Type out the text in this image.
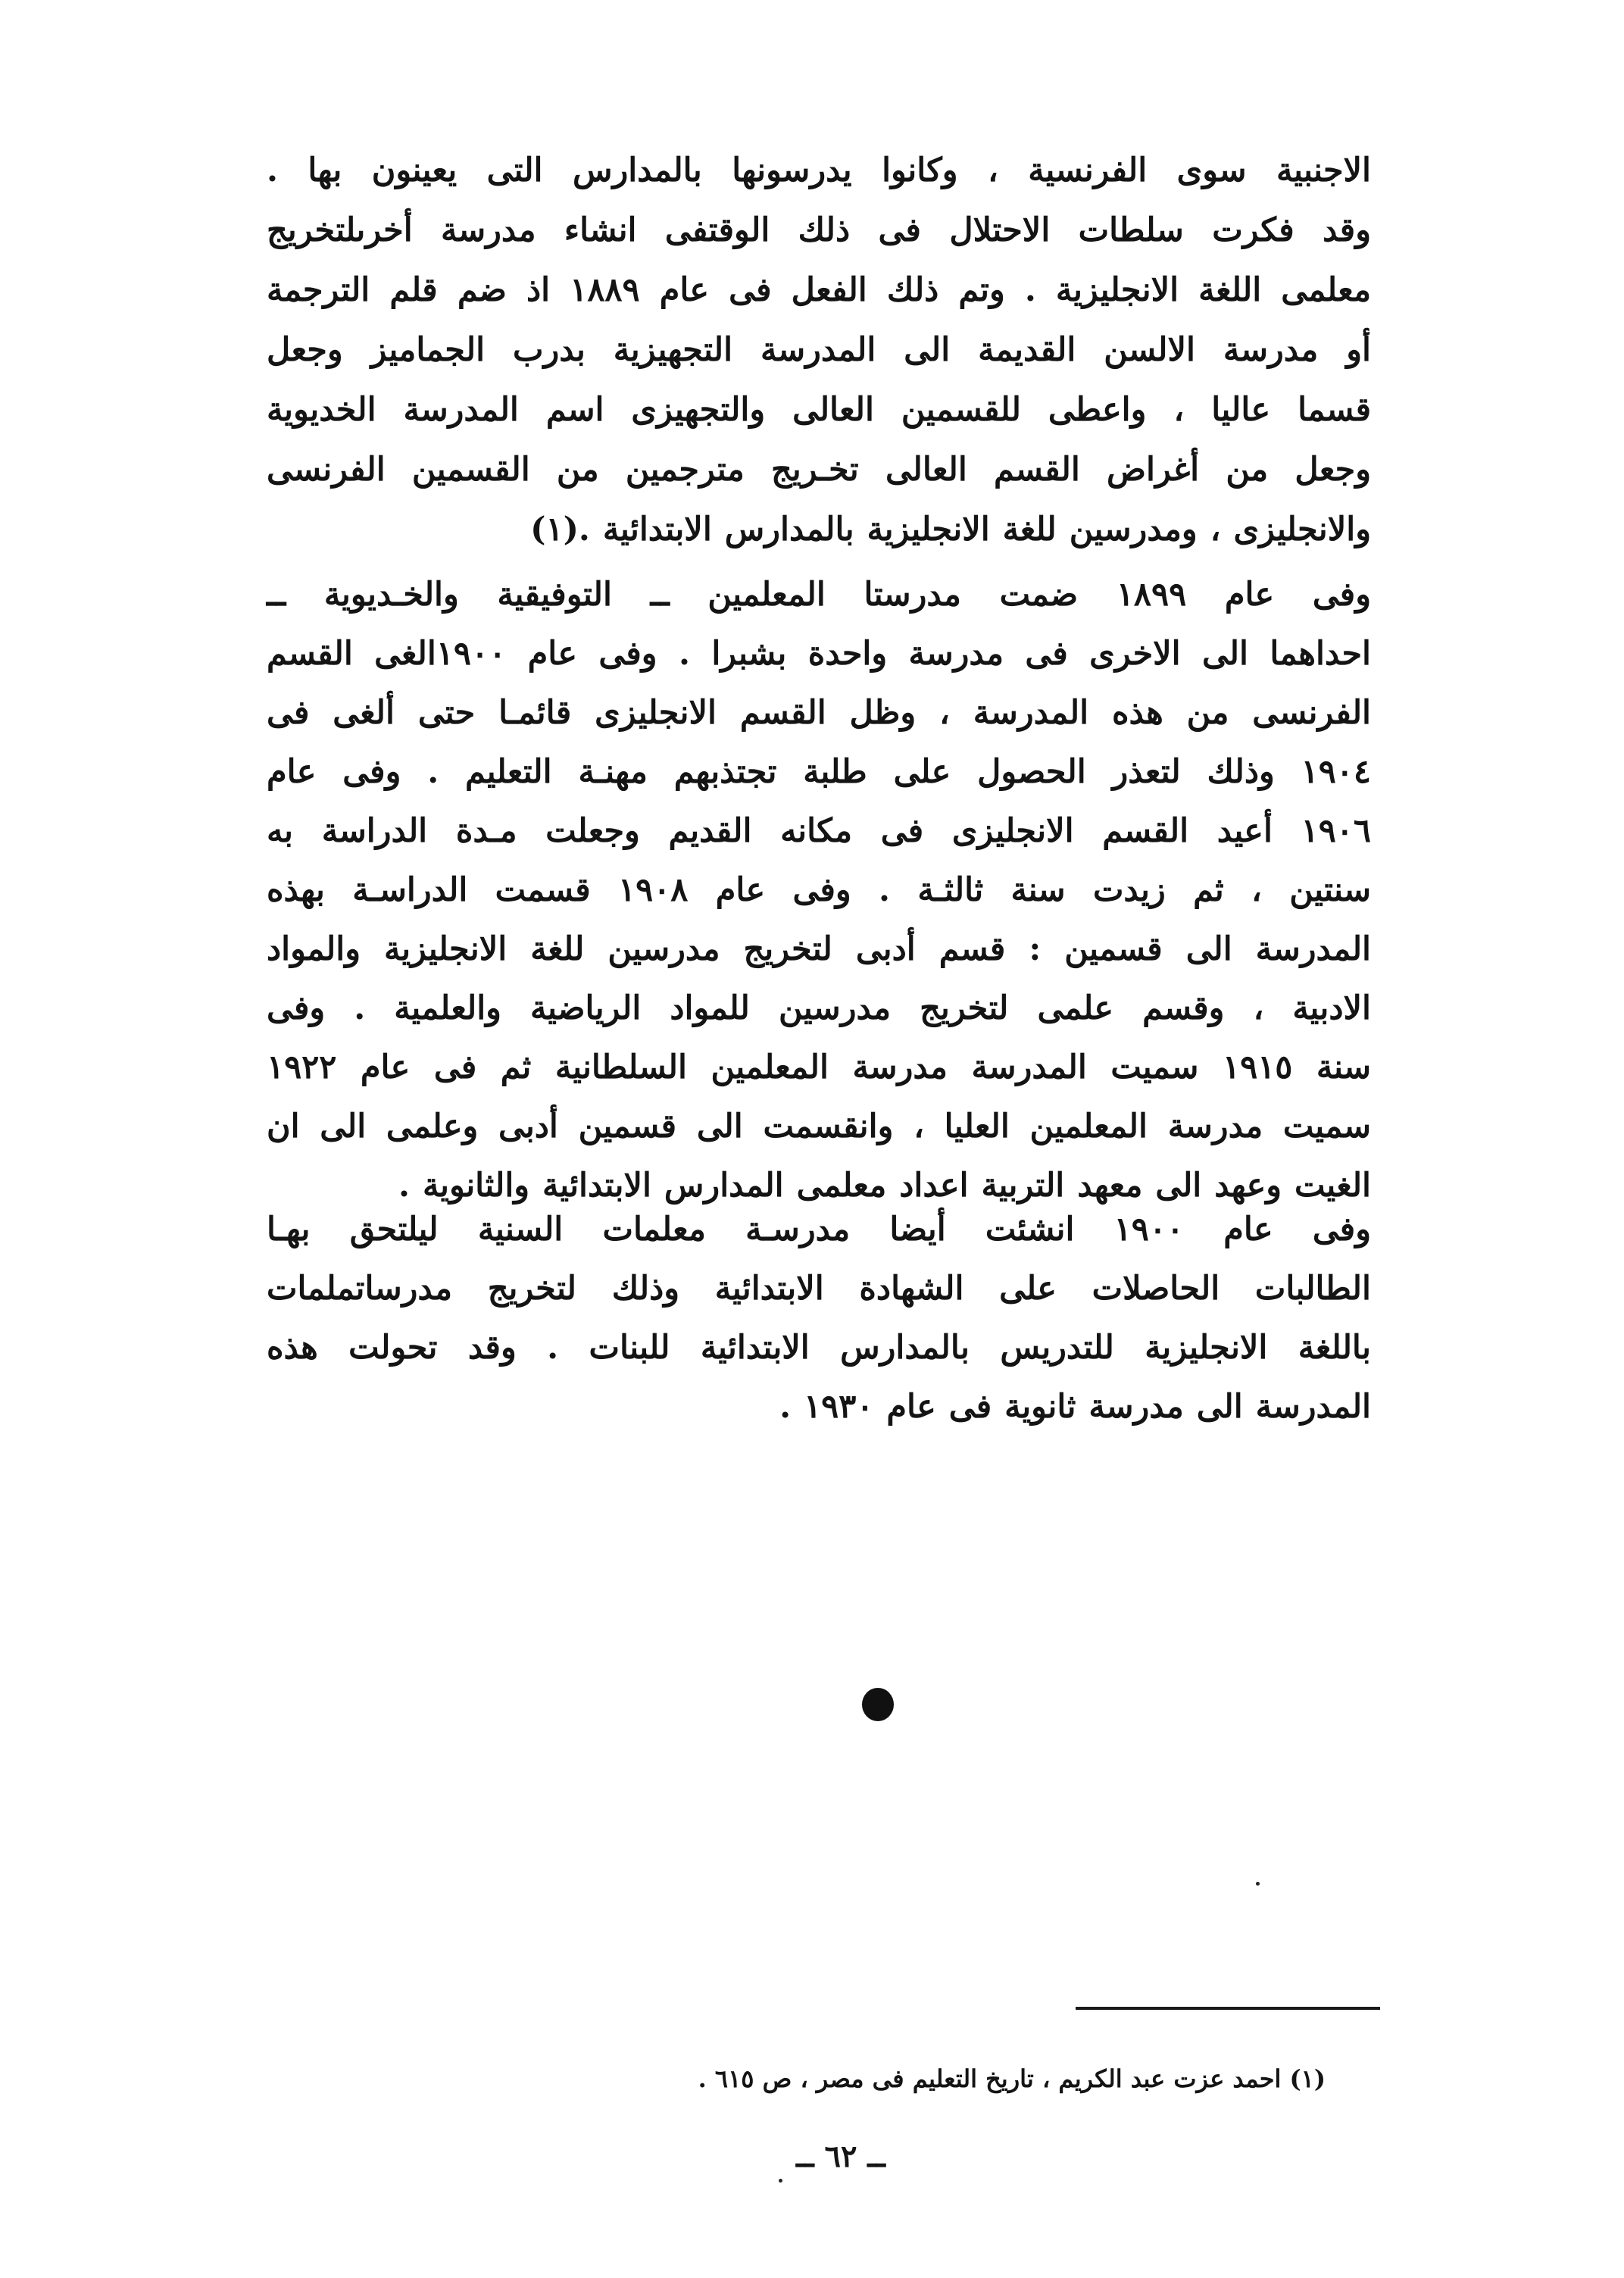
الاجنبية سوى الفرنسية ، وكانوا يدرسونها بالمدارس التى يعينون بها .
وقد فكرت سلطات الاحتلال فى ذلك الوقتفى انشاء مدرسة أخرىلتخريج
معلمى اللغة الانجليزية . وتم ذلك الفعل فى عام ١٨٨٩ اذ ضم قلم الترجمة
أو مدرسة الالسن القديمة الى المدرسة التجهيزية بدرب الجماميز وجعل
قسما عاليا ، واعطى للقسمين العالى والتجهيزى اسم المدرسة الخديوية
وجعل من أغراض القسم العالى تخـريج مترجمين من القسمين الفرنسى
والانجليزى ، ومدرسين للغة الانجليزية بالمدارس الابتدائية .(١)
وفى عام ١٨٩٩ ضمت مدرستا المعلمين ــ التوفيقية والخـديوية ــ
احداهما الى الاخرى فى مدرسة واحدة بشبرا . وفى عام ١٩٠٠الغى القسم
الفرنسى من هذه المدرسة ، وظل القسم الانجليزى قائمـا حتى ألغى فى
١٩٠٤ وذلك لتعذر الحصول على طلبة تجتذبهم مهنـة التعليم . وفى عام
١٩٠٦ أعيد القسم الانجليزى فى مكانه القديم وجعلت مـدة الدراسة به
سنتين ، ثم زيدت سنة ثالثـة . وفى عام ١٩٠٨ قسمت الدراسـة بهذه
المدرسة الى قسمين : قسم أدبى لتخريج مدرسين للغة الانجليزية والمواد
الادبية ، وقسم علمى لتخريج مدرسين للمواد الرياضية والعلمية . وفى
سنة ١٩١٥ سميت المدرسة مدرسة المعلمين السلطانية ثم فى عام ١٩٢٢
سميت مدرسة المعلمين العليا ، وانقسمت الى قسمين أدبى وعلمى الى ان
الغيت وعهد الى معهد التربية اعداد معلمى المدارس الابتدائية والثانوية .
وفى عام ١٩٠٠ انشئت أيضا مدرسـة معلمات السنية ليلتحق بهـا
الطالبات الحاصلات على الشهادة الابتدائية وذلك لتخريج مدرساتملمات
باللغة الانجليزية للتدريس بالمدارس الابتدائية للبنات . وقد تحولت هذه
المدرسة الى مدرسة ثانوية فى عام ١٩٣٠ .
(١) احمد عزت عبد الكريم ، تاريخ التعليم فى مصر ، ص ٦١٥ .
ــ ٦٢ ــ
